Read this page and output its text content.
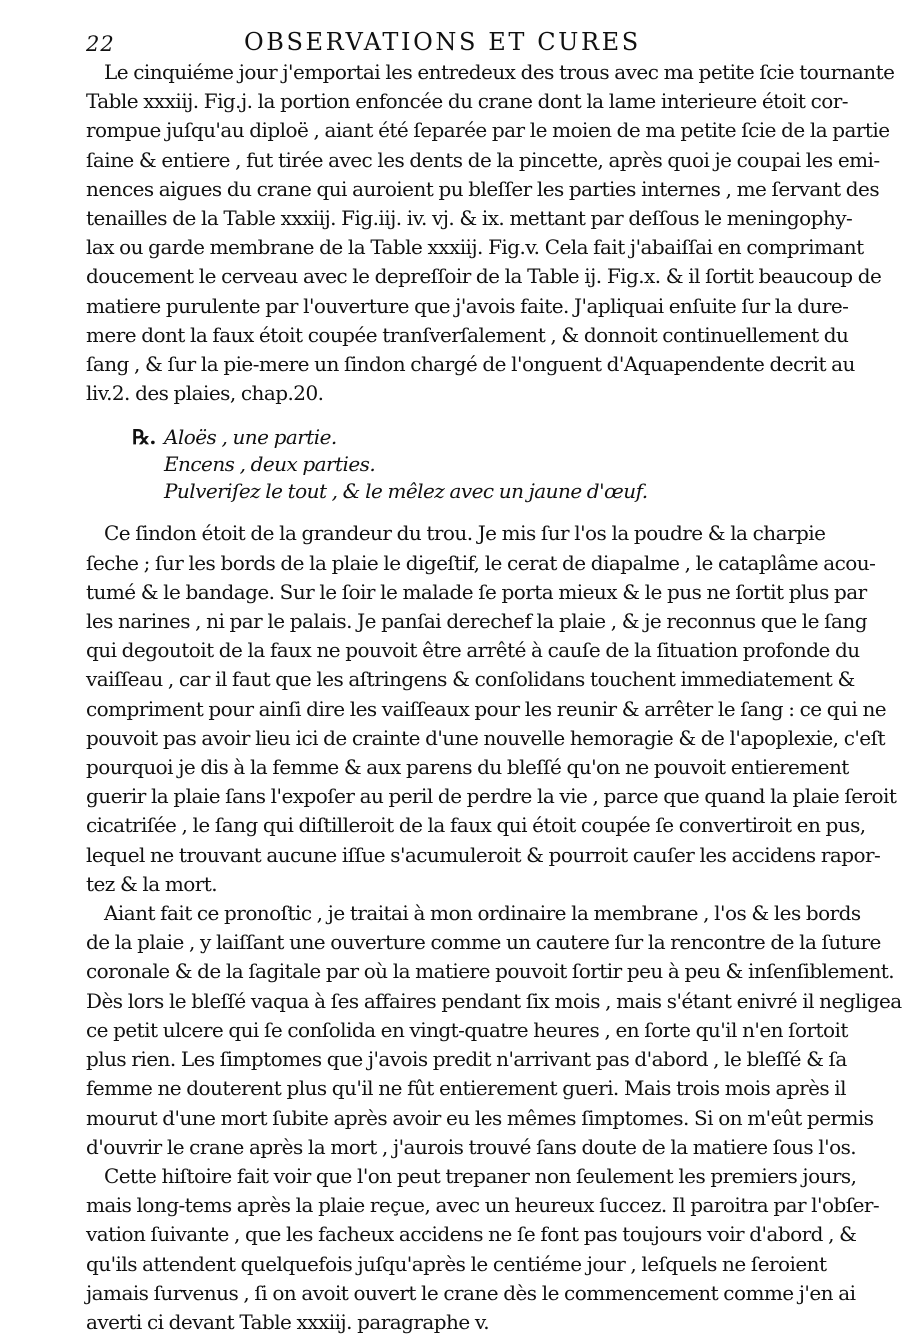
22	OBSERVATIONS ET CURES
Le cinquiéme jour j'emportai les entredeux des trous avec ma petite ſcie tournante
Table xxxiij. Fig.j. la portion enfoncée du crane dont la lame interieure étoit cor-
rompue juſqu'au diploë , aiant été ſeparée par le moien de ma petite ſcie de la partie
ſaine & entiere , fut tirée avec les dents de la pincette, après quoi je coupai les emi-
nences aigues du crane qui auroient pu bleſſer les parties internes , me ſervant des
tenailles de la Table xxxiij. Fig.iij. iv. vj. & ix. mettant par deſſous le meningophy-
lax ou garde membrane de la Table xxxiij. Fig.v. Cela fait j'abaiſſai en comprimant
doucement le cerveau avec le depreſſoir de la Table ij. Fig.x. & il ſortit beaucoup de
matiere purulente par l'ouverture que j'avois faite. J'apliquai enſuite ſur la dure-
mere dont la faux étoit coupée tranſverſalement , & donnoit continuellement du
ſang , & ſur la pie-mere un ſindon chargé de l'onguent d'Aquapendente decrit au
liv.2. des plaies, chap.20.
℞. Aloës , une partie.
Encens , deux parties.
Pulveriſez le tout , & le mêlez avec un jaune d'œuf.
Ce ſindon étoit de la grandeur du trou. Je mis ſur l'os la poudre & la charpie
ſeche ; ſur les bords de la plaie le digeſtif, le cerat de diapalme , le cataplâme acou-
tumé & le bandage. Sur le ſoir le malade ſe porta mieux & le pus ne ſortit plus par
les narines , ni par le palais. Je panſai derechef la plaie , & je reconnus que le ſang
qui degoutoit de la faux ne pouvoit être arrêté à cauſe de la ſituation profonde du
vaiſſeau , car il faut que les aſtringens & conſolidans touchent immediatement &
compriment pour ainſi dire les vaiſſeaux pour les reunir & arrêter le ſang : ce qui ne
pouvoit pas avoir lieu ici de crainte d'une nouvelle hemoragie & de l'apoplexie, c'eſt
pourquoi je dis à la femme & aux parens du bleſſé qu'on ne pouvoit entierement
guerir la plaie ſans l'expoſer au peril de perdre la vie , parce que quand la plaie ſeroit
cicatriſée , le ſang qui diſtilleroit de la faux qui étoit coupée ſe convertiroit en pus,
lequel ne trouvant aucune iſſue s'acumuleroit & pourroit cauſer les accidens rapor-
tez & la mort.
Aiant fait ce pronoſtic , je traitai à mon ordinaire la membrane , l'os & les bords
de la plaie , y laiſſant une ouverture comme un cautere ſur la rencontre de la ſuture
coronale & de la ſagitale par où la matiere pouvoit ſortir peu à peu & inſenſiblement.
Dès lors le bleſſé vaqua à ſes affaires pendant ſix mois , mais s'étant enivré il negligea
ce petit ulcere qui ſe conſolida en vingt-quatre heures , en ſorte qu'il n'en ſortoit
plus rien. Les ſimptomes que j'avois predit n'arrivant pas d'abord , le bleſſé & ſa
femme ne douterent plus qu'il ne fût entierement gueri. Mais trois mois après il
mourut d'une mort ſubite après avoir eu les mêmes ſimptomes. Si on m'eût permis
d'ouvrir le crane après la mort , j'aurois trouvé ſans doute de la matiere ſous l'os.
Cette hiſtoire fait voir que l'on peut trepaner non ſeulement les premiers jours,
mais long-tems après la plaie reçue, avec un heureux ſuccez. Il paroitra par l'obſer-
vation ſuivante , que les facheux accidens ne ſe font pas toujours voir d'abord , &
qu'ils attendent quelquefois juſqu'après le centiéme jour , leſquels ne ſeroient
jamais ſurvenus , ſi on avoit ouvert le crane dès le commencement comme j'en ai
averti ci devant Table xxxiij. paragraphe v.
